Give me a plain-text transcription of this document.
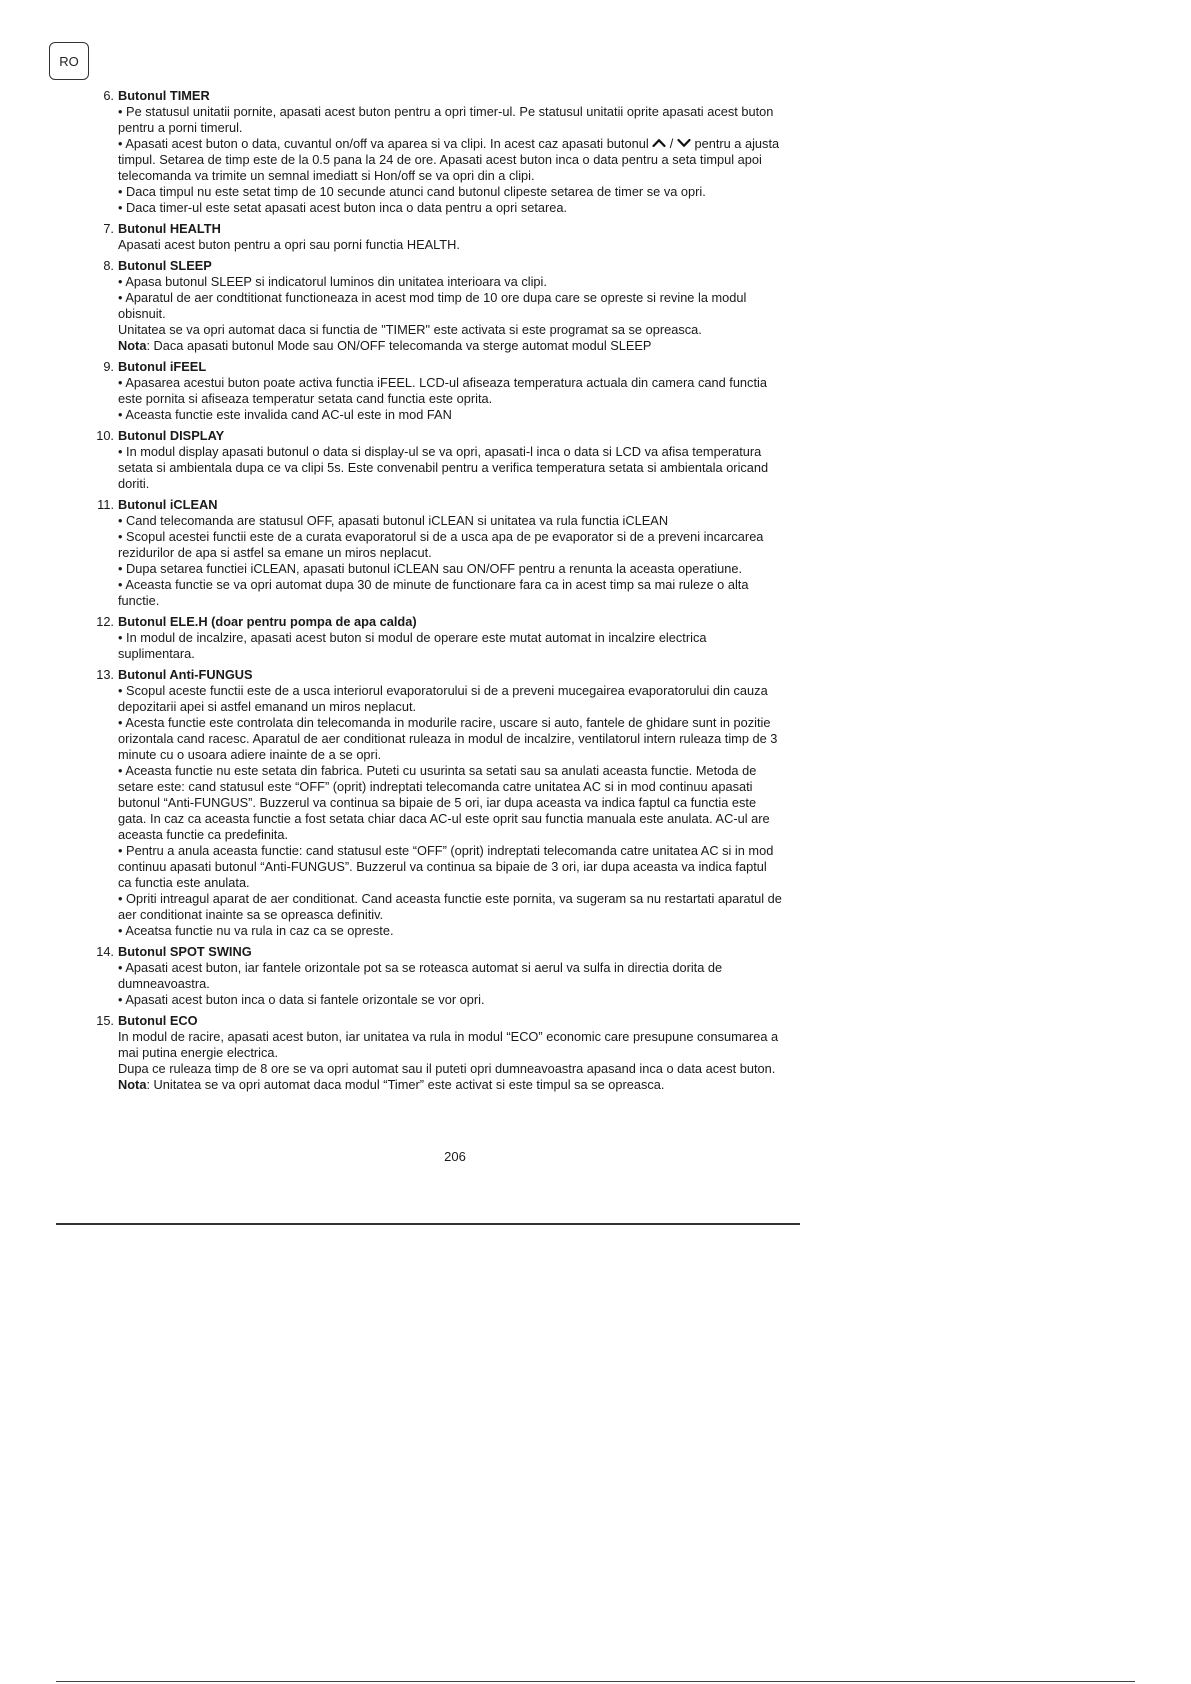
RO
6. Butonul TIMER
• Pe statusul unitatii pornite, apasati acest buton pentru a opri timer-ul. Pe statusul unitatii oprite apasati acest buton pentru a porni timerul.
• Apasati acest buton o data, cuvantul on/off va aparea si va clipi. In acest caz apasati butonul
/
pentru a ajusta timpul. Setarea de timp este de la 0.5 pana la 24 de ore. Apasati acest buton inca o data pentru a seta timpul apoi telecomanda va trimite un semnal imediatt si Hon/off se va opri din a clipi.
• Daca timpul nu este setat timp de 10 secunde atunci cand butonul clipeste setarea de timer se va opri.
• Daca timer-ul este setat apasati acest buton inca o data pentru a opri setarea.
7. Butonul HEALTH
Apasati acest buton pentru a opri sau porni functia HEALTH.
8. Butonul SLEEP
• Apasa butonul SLEEP si indicatorul luminos din unitatea interioara va clipi.
• Aparatul de aer condtitionat functioneaza in acest mod timp de 10 ore dupa care se opreste si revine la modul obisnuit.
Unitatea se va opri automat daca si functia de "TIMER" este activata si este programat sa se opreasca.
Nota: Daca apasati butonul Mode sau ON/OFF telecomanda va sterge automat modul SLEEP
9. Butonul iFEEL
• Apasarea acestui buton poate activa functia iFEEL. LCD-ul afiseaza temperatura actuala din camera cand functia este pornita si afiseaza temperatur setata cand functia este oprita.
• Aceasta functie este invalida cand AC-ul este in mod FAN
10. Butonul DISPLAY
• In modul display apasati butonul o data si display-ul se va opri, apasati-l inca o data si LCD va afisa temperatura setata si ambientala dupa ce va clipi 5s. Este convenabil pentru a verifica temperatura setata si ambientala oricand doriti.
11. Butonul iCLEAN
• Cand telecomanda are statusul OFF, apasati butonul iCLEAN si unitatea va rula functia iCLEAN
• Scopul acestei functii este de a curata evaporatorul si de a usca apa de pe evaporator si de a preveni incarcarea rezidurilor de apa si astfel sa emane un miros neplacut.
• Dupa setarea functiei iCLEAN, apasati butonul iCLEAN sau ON/OFF pentru a renunta la aceasta operatiune.
• Aceasta functie se va opri automat dupa 30 de minute de functionare fara ca in acest timp sa mai ruleze o alta functie.
12. Butonul ELE.H (doar pentru pompa de apa calda)
• In modul de incalzire, apasati acest buton si modul de operare este mutat automat in incalzire electrica suplimentara.
13. Butonul Anti-FUNGUS
• Scopul aceste functii este de a usca interiorul evaporatorului si de a preveni mucegairea evaporatorului din cauza depozitarii apei si astfel emanand un miros neplacut.
• Acesta functie este controlata din telecomanda in modurile racire, uscare si auto, fantele de ghidare sunt in pozitie orizontala cand racesc. Aparatul de aer conditionat ruleaza in modul de incalzire, ventilatorul intern ruleaza timp de 3 minute cu o usoara adiere inainte de a se opri.
• Aceasta functie nu este setata din fabrica. Puteti cu usurinta sa setati sau sa anulati aceasta functie. Metoda de setare este: cand statusul este “OFF” (oprit) indreptati telecomanda catre unitatea AC si in mod continuu apasati butonul “Anti-FUNGUS”. Buzzerul va continua sa bipaie de 5 ori, iar dupa aceasta va indica faptul ca functia este gata. In caz ca aceasta functie a fost setata chiar daca AC-ul este oprit sau functia manuala este anulata. AC-ul are aceasta functie ca predefinita.
• Pentru a anula aceasta functie: cand statusul este “OFF” (oprit) indreptati telecomanda catre unitatea AC si in mod continuu apasati butonul “Anti-FUNGUS”. Buzzerul va continua sa bipaie de 3 ori, iar dupa aceasta va indica faptul ca functia este anulata.
• Opriti intreagul aparat de aer conditionat. Cand aceasta functie este pornita, va sugeram sa nu restartati aparatul de aer conditionat inainte sa se opreasca definitiv.
• Aceatsa functie nu va rula in caz ca se opreste.
14. Butonul SPOT SWING
• Apasati acest buton, iar fantele orizontale pot sa se roteasca automat si aerul va sulfa in directia dorita de dumneavoastra.
• Apasati acest buton inca o data si fantele orizontale se vor opri.
15. Butonul ECO
In modul de racire, apasati acest buton, iar unitatea va rula in modul “ECO” economic care presupune consumarea a mai putina energie electrica.
Dupa ce ruleaza timp de 8 ore se va opri automat sau il puteti opri dumneavoastra apasand inca o data acest buton.
Nota: Unitatea se va opri automat daca modul “Timer” este activat si este timpul sa se opreasca.
206
